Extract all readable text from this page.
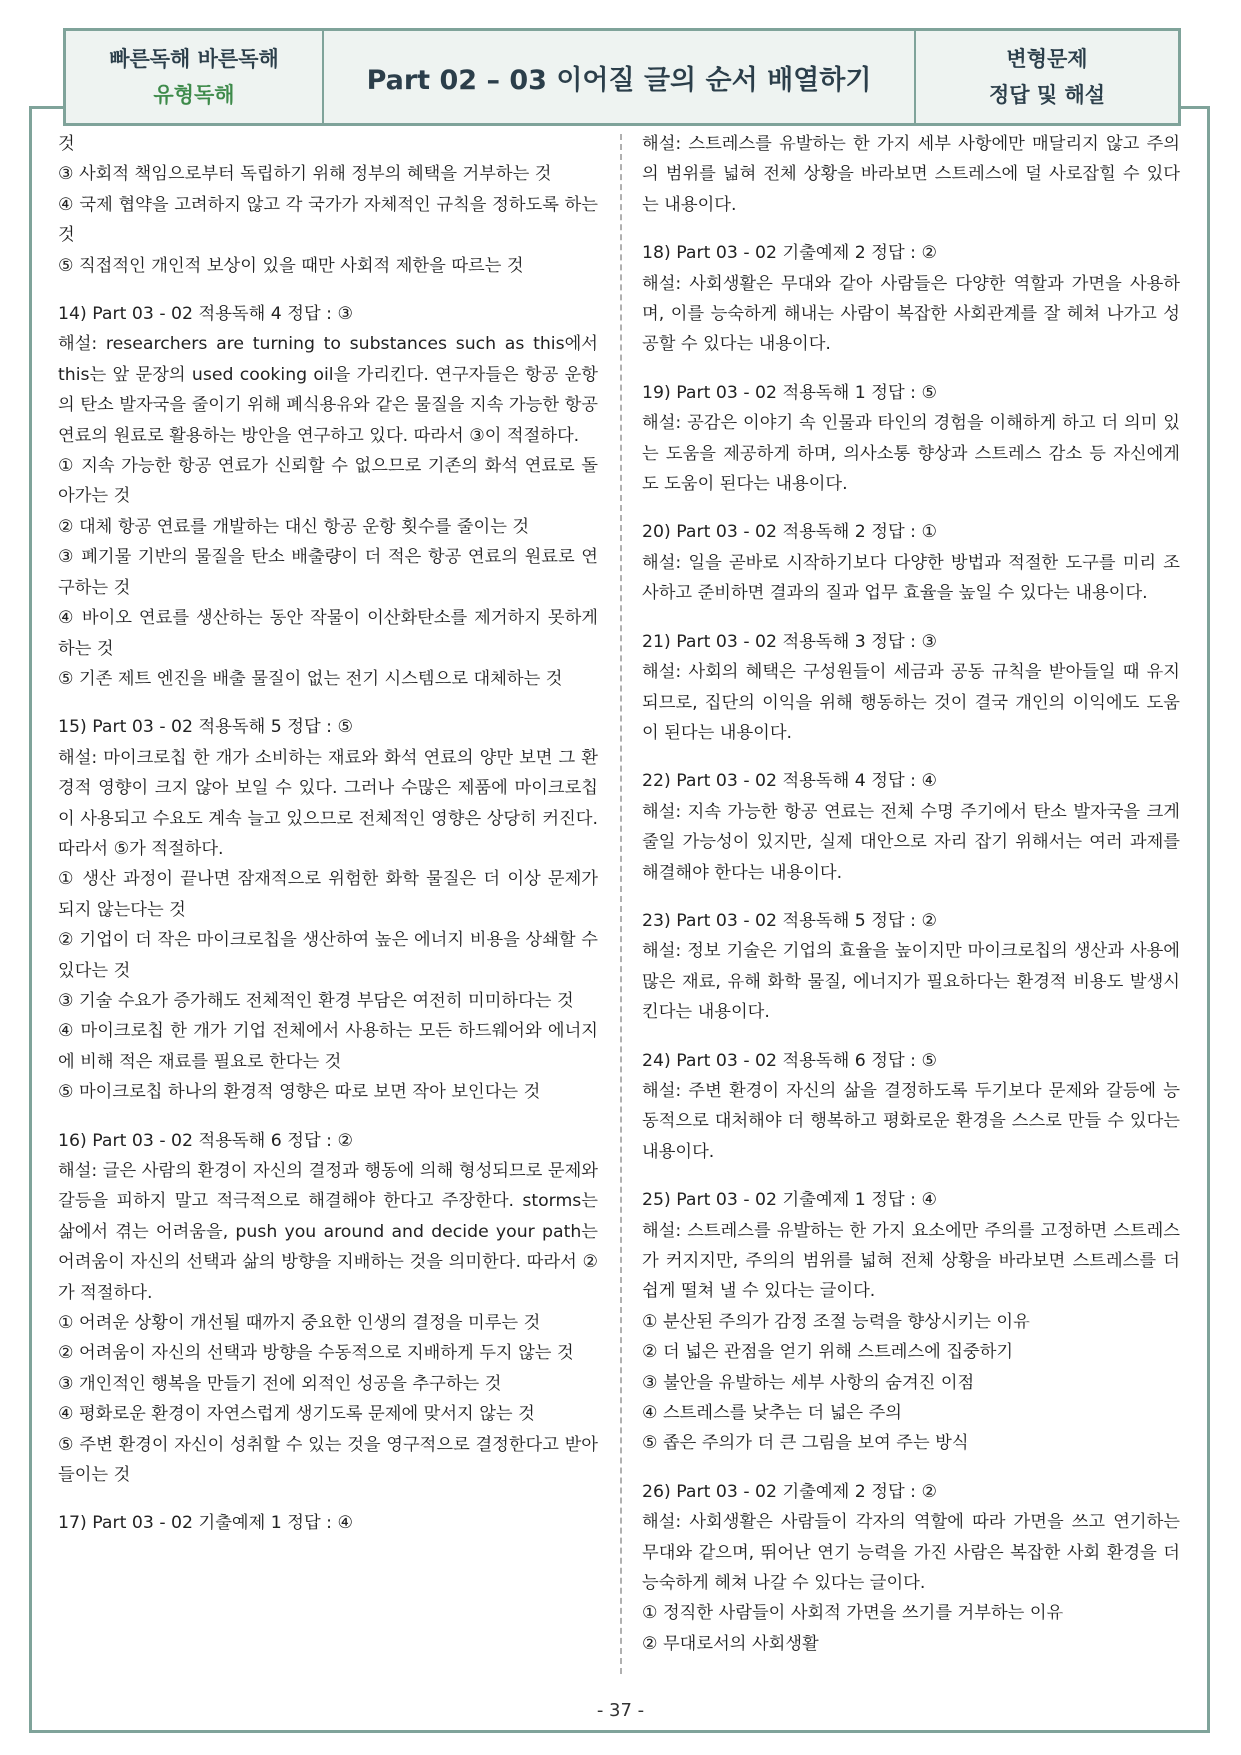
빠른독해 바른독해
유형독해	Part 02 – 03 이어질 글의 순서 배열하기
변형문제
정답 및 해설

것

③ 사회적 책임으로부터 독립하기 위해 정부의 혜택을 거부하는 것

④ 국제 협약을 고려하지 않고 각 국가가 자체적인 규칙을 정하도록 하는 것

⑤ 직접적인 개인적 보상이 있을 때만 사회적 제한을 따르는 것

14) Part 03 - 02 적용독해 4 정답 : ③

해설: researchers are turning to substances such as this에서 this는 앞 문장의 used cooking oil을 가리킨다. 연구자들은 항공 운항의 탄소 발자국을 줄이기 위해 폐식용유와 같은 물질을 지속 가능한 항공 연료의 원료로 활용하는 방안을 연구하고 있다. 따라서 ③이 적절하다.

① 지속 가능한 항공 연료가 신뢰할 수 없으므로 기존의 화석 연료로 돌아가는 것

② 대체 항공 연료를 개발하는 대신 항공 운항 횟수를 줄이는 것

③ 폐기물 기반의 물질을 탄소 배출량이 더 적은 항공 연료의 원료로 연구하는 것

④ 바이오 연료를 생산하는 동안 작물이 이산화탄소를 제거하지 못하게 하는 것

⑤ 기존 제트 엔진을 배출 물질이 없는 전기 시스템으로 대체하는 것

15) Part 03 - 02 적용독해 5 정답 : ⑤

해설: 마이크로칩 한 개가 소비하는 재료와 화석 연료의 양만 보면 그 환경적 영향이 크지 않아 보일 수 있다. 그러나 수많은 제품에 마이크로칩이 사용되고 수요도 계속 늘고 있으므로 전체적인 영향은 상당히 커진다. 따라서 ⑤가 적절하다.

① 생산 과정이 끝나면 잠재적으로 위험한 화학 물질은 더 이상 문제가 되지 않는다는 것

② 기업이 더 작은 마이크로칩을 생산하여 높은 에너지 비용을 상쇄할 수 있다는 것

③ 기술 수요가 증가해도 전체적인 환경 부담은 여전히 미미하다는 것

④ 마이크로칩 한 개가 기업 전체에서 사용하는 모든 하드웨어와 에너지에 비해 적은 재료를 필요로 한다는 것

⑤ 마이크로칩 하나의 환경적 영향은 따로 보면 작아 보인다는 것

16) Part 03 - 02 적용독해 6 정답 : ②

해설: 글은 사람의 환경이 자신의 결정과 행동에 의해 형성되므로 문제와 갈등을 피하지 말고 적극적으로 해결해야 한다고 주장한다. storms는 삶에서 겪는 어려움을, push you around and decide your path는 어려움이 자신의 선택과 삶의 방향을 지배하는 것을 의미한다. 따라서 ②가 적절하다.

① 어려운 상황이 개선될 때까지 중요한 인생의 결정을 미루는 것

② 어려움이 자신의 선택과 방향을 수동적으로 지배하게 두지 않는 것

③ 개인적인 행복을 만들기 전에 외적인 성공을 추구하는 것

④ 평화로운 환경이 자연스럽게 생기도록 문제에 맞서지 않는 것

⑤ 주변 환경이 자신이 성취할 수 있는 것을 영구적으로 결정한다고 받아들이는 것

17) Part 03 - 02 기출예제 1 정답 : ④

해설: 스트레스를 유발하는 한 가지 세부 사항에만 매달리지 않고 주의의 범위를 넓혀 전체 상황을 바라보면 스트레스에 덜 사로잡힐 수 있다는 내용이다.

18) Part 03 - 02 기출예제 2 정답 : ②

해설: 사회생활은 무대와 같아 사람들은 다양한 역할과 가면을 사용하며, 이를 능숙하게 해내는 사람이 복잡한 사회관계를 잘 헤쳐 나가고 성공할 수 있다는 내용이다.

19) Part 03 - 02 적용독해 1 정답 : ⑤

해설: 공감은 이야기 속 인물과 타인의 경험을 이해하게 하고 더 의미 있는 도움을 제공하게 하며, 의사소통 향상과 스트레스 감소 등 자신에게도 도움이 된다는 내용이다.

20) Part 03 - 02 적용독해 2 정답 : ①

해설: 일을 곧바로 시작하기보다 다양한 방법과 적절한 도구를 미리 조사하고 준비하면 결과의 질과 업무 효율을 높일 수 있다는 내용이다.

21) Part 03 - 02 적용독해 3 정답 : ③

해설: 사회의 혜택은 구성원들이 세금과 공동 규칙을 받아들일 때 유지되므로, 집단의 이익을 위해 행동하는 것이 결국 개인의 이익에도 도움이 된다는 내용이다.

22) Part 03 - 02 적용독해 4 정답 : ④

해설: 지속 가능한 항공 연료는 전체 수명 주기에서 탄소 발자국을 크게 줄일 가능성이 있지만, 실제 대안으로 자리 잡기 위해서는 여러 과제를 해결해야 한다는 내용이다.

23) Part 03 - 02 적용독해 5 정답 : ②

해설: 정보 기술은 기업의 효율을 높이지만 마이크로칩의 생산과 사용에 많은 재료, 유해 화학 물질, 에너지가 필요하다는 환경적 비용도 발생시킨다는 내용이다.

24) Part 03 - 02 적용독해 6 정답 : ⑤

해설: 주변 환경이 자신의 삶을 결정하도록 두기보다 문제와 갈등에 능동적으로 대처해야 더 행복하고 평화로운 환경을 스스로 만들 수 있다는 내용이다.

25) Part 03 - 02 기출예제 1 정답 : ④

해설: 스트레스를 유발하는 한 가지 요소에만 주의를 고정하면 스트레스가 커지지만, 주의의 범위를 넓혀 전체 상황을 바라보면 스트레스를 더 쉽게 떨쳐 낼 수 있다는 글이다.

① 분산된 주의가 감정 조절 능력을 향상시키는 이유

② 더 넓은 관점을 얻기 위해 스트레스에 집중하기

③ 불안을 유발하는 세부 사항의 숨겨진 이점

④ 스트레스를 낮추는 더 넓은 주의

⑤ 좁은 주의가 더 큰 그림을 보여 주는 방식

26) Part 03 - 02 기출예제 2 정답 : ②

해설: 사회생활은 사람들이 각자의 역할에 따라 가면을 쓰고 연기하는 무대와 같으며, 뛰어난 연기 능력을 가진 사람은 복잡한 사회 환경을 더 능숙하게 헤쳐 나갈 수 있다는 글이다.

① 정직한 사람들이 사회적 가면을 쓰기를 거부하는 이유

② 무대로서의 사회생활

- 37 -
